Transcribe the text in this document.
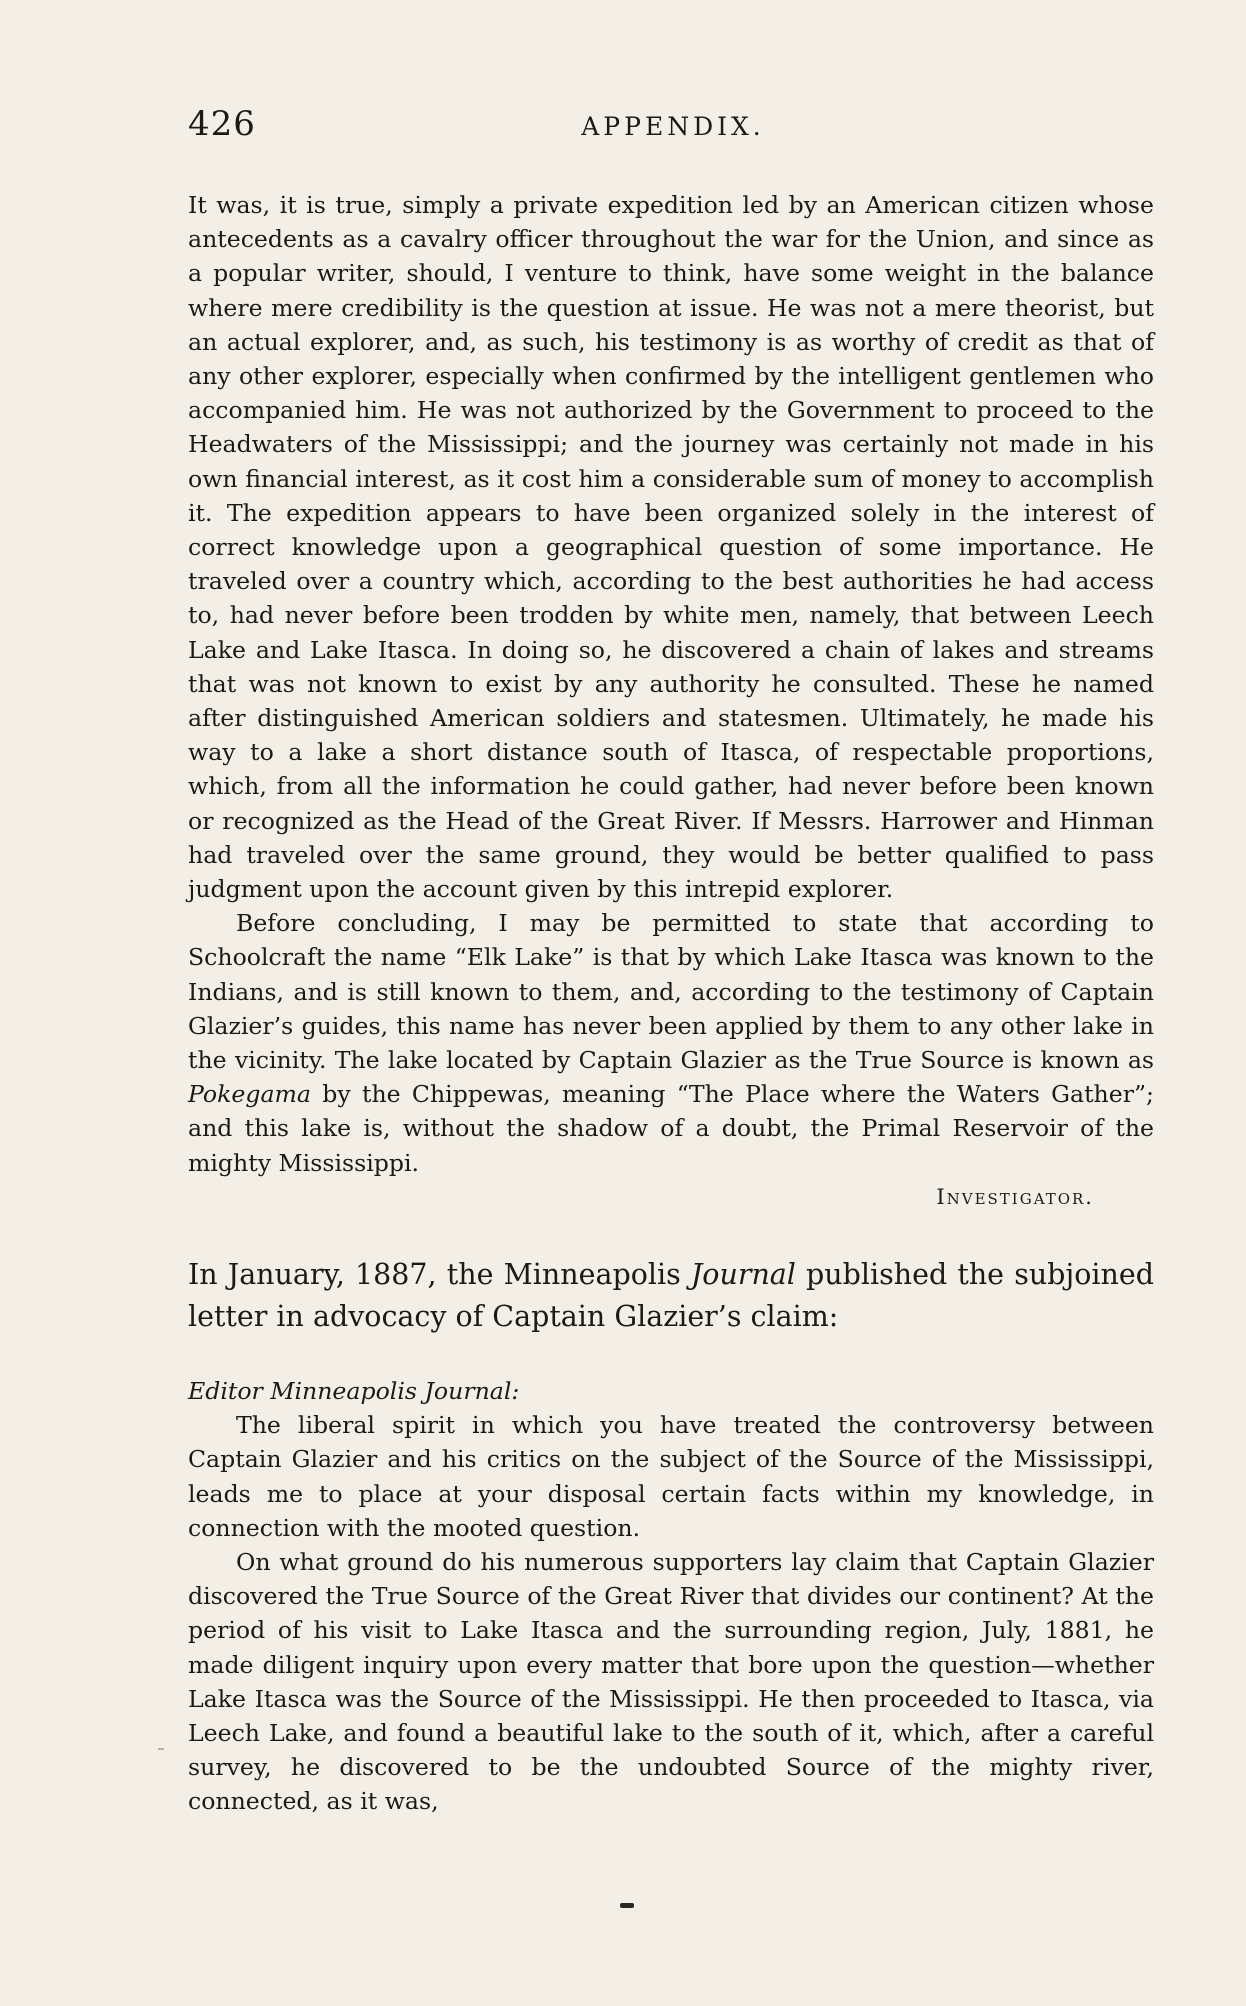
426	APPENDIX.

It was, it is true, simply a private expedition led by an American citizen whose antecedents as a cavalry officer throughout the war for the Union, and since as a popular writer, should, I venture to think, have some weight in the balance where mere credibility is the question at issue. He was not a mere theorist, but an actual explorer, and, as such, his testimony is as worthy of credit as that of any other explorer, especially when confirmed by the intelligent gentlemen who accompanied him. He was not authorized by the Government to proceed to the Headwaters of the Mississippi; and the journey was certainly not made in his own financial interest, as it cost him a considerable sum of money to accomplish it. The expedition appears to have been organized solely in the interest of correct knowledge upon a geographical question of some importance. He traveled over a country which, according to the best authorities he had access to, had never before been trodden by white men, namely, that between Leech Lake and Lake Itasca. In doing so, he discovered a chain of lakes and streams that was not known to exist by any authority he consulted. These he named after distinguished American soldiers and statesmen. Ultimately, he made his way to a lake a short distance south of Itasca, of respectable proportions, which, from all the information he could gather, had never before been known or recognized as the Head of the Great River. If Messrs. Harrower and Hinman had traveled over the same ground, they would be better qualified to pass judgment upon the account given by this intrepid explorer.

Before concluding, I may be permitted to state that according to Schoolcraft the name “Elk Lake” is that by which Lake Itasca was known to the Indians, and is still known to them, and, according to the testimony of Captain Glazier’s guides, this name has never been applied by them to any other lake in the vicinity. The lake located by Captain Glazier as the True Source is known as Pokegama by the Chippewas, meaning “The Place where the Waters Gather”; and this lake is, without the shadow of a doubt, the Primal Reservoir of the mighty Mississippi.

Investigator.

In January, 1887, the Minneapolis Journal published the subjoined letter in advocacy of Captain Glazier’s claim:

Editor Minneapolis Journal:

The liberal spirit in which you have treated the controversy between Captain Glazier and his critics on the subject of the Source of the Mississippi, leads me to place at your disposal certain facts within my knowledge, in connection with the mooted question.

On what ground do his numerous supporters lay claim that Captain Glazier discovered the True Source of the Great River that divides our continent? At the period of his visit to Lake Itasca and the surrounding region, July, 1881, he made diligent inquiry upon every matter that bore upon the question—whether Lake Itasca was the Source of the Mississippi. He then proceeded to Itasca, via Leech Lake, and found a beautiful lake to the south of it, which, after a careful survey, he discovered to be the undoubted Source of the mighty river, connected, as it was,
